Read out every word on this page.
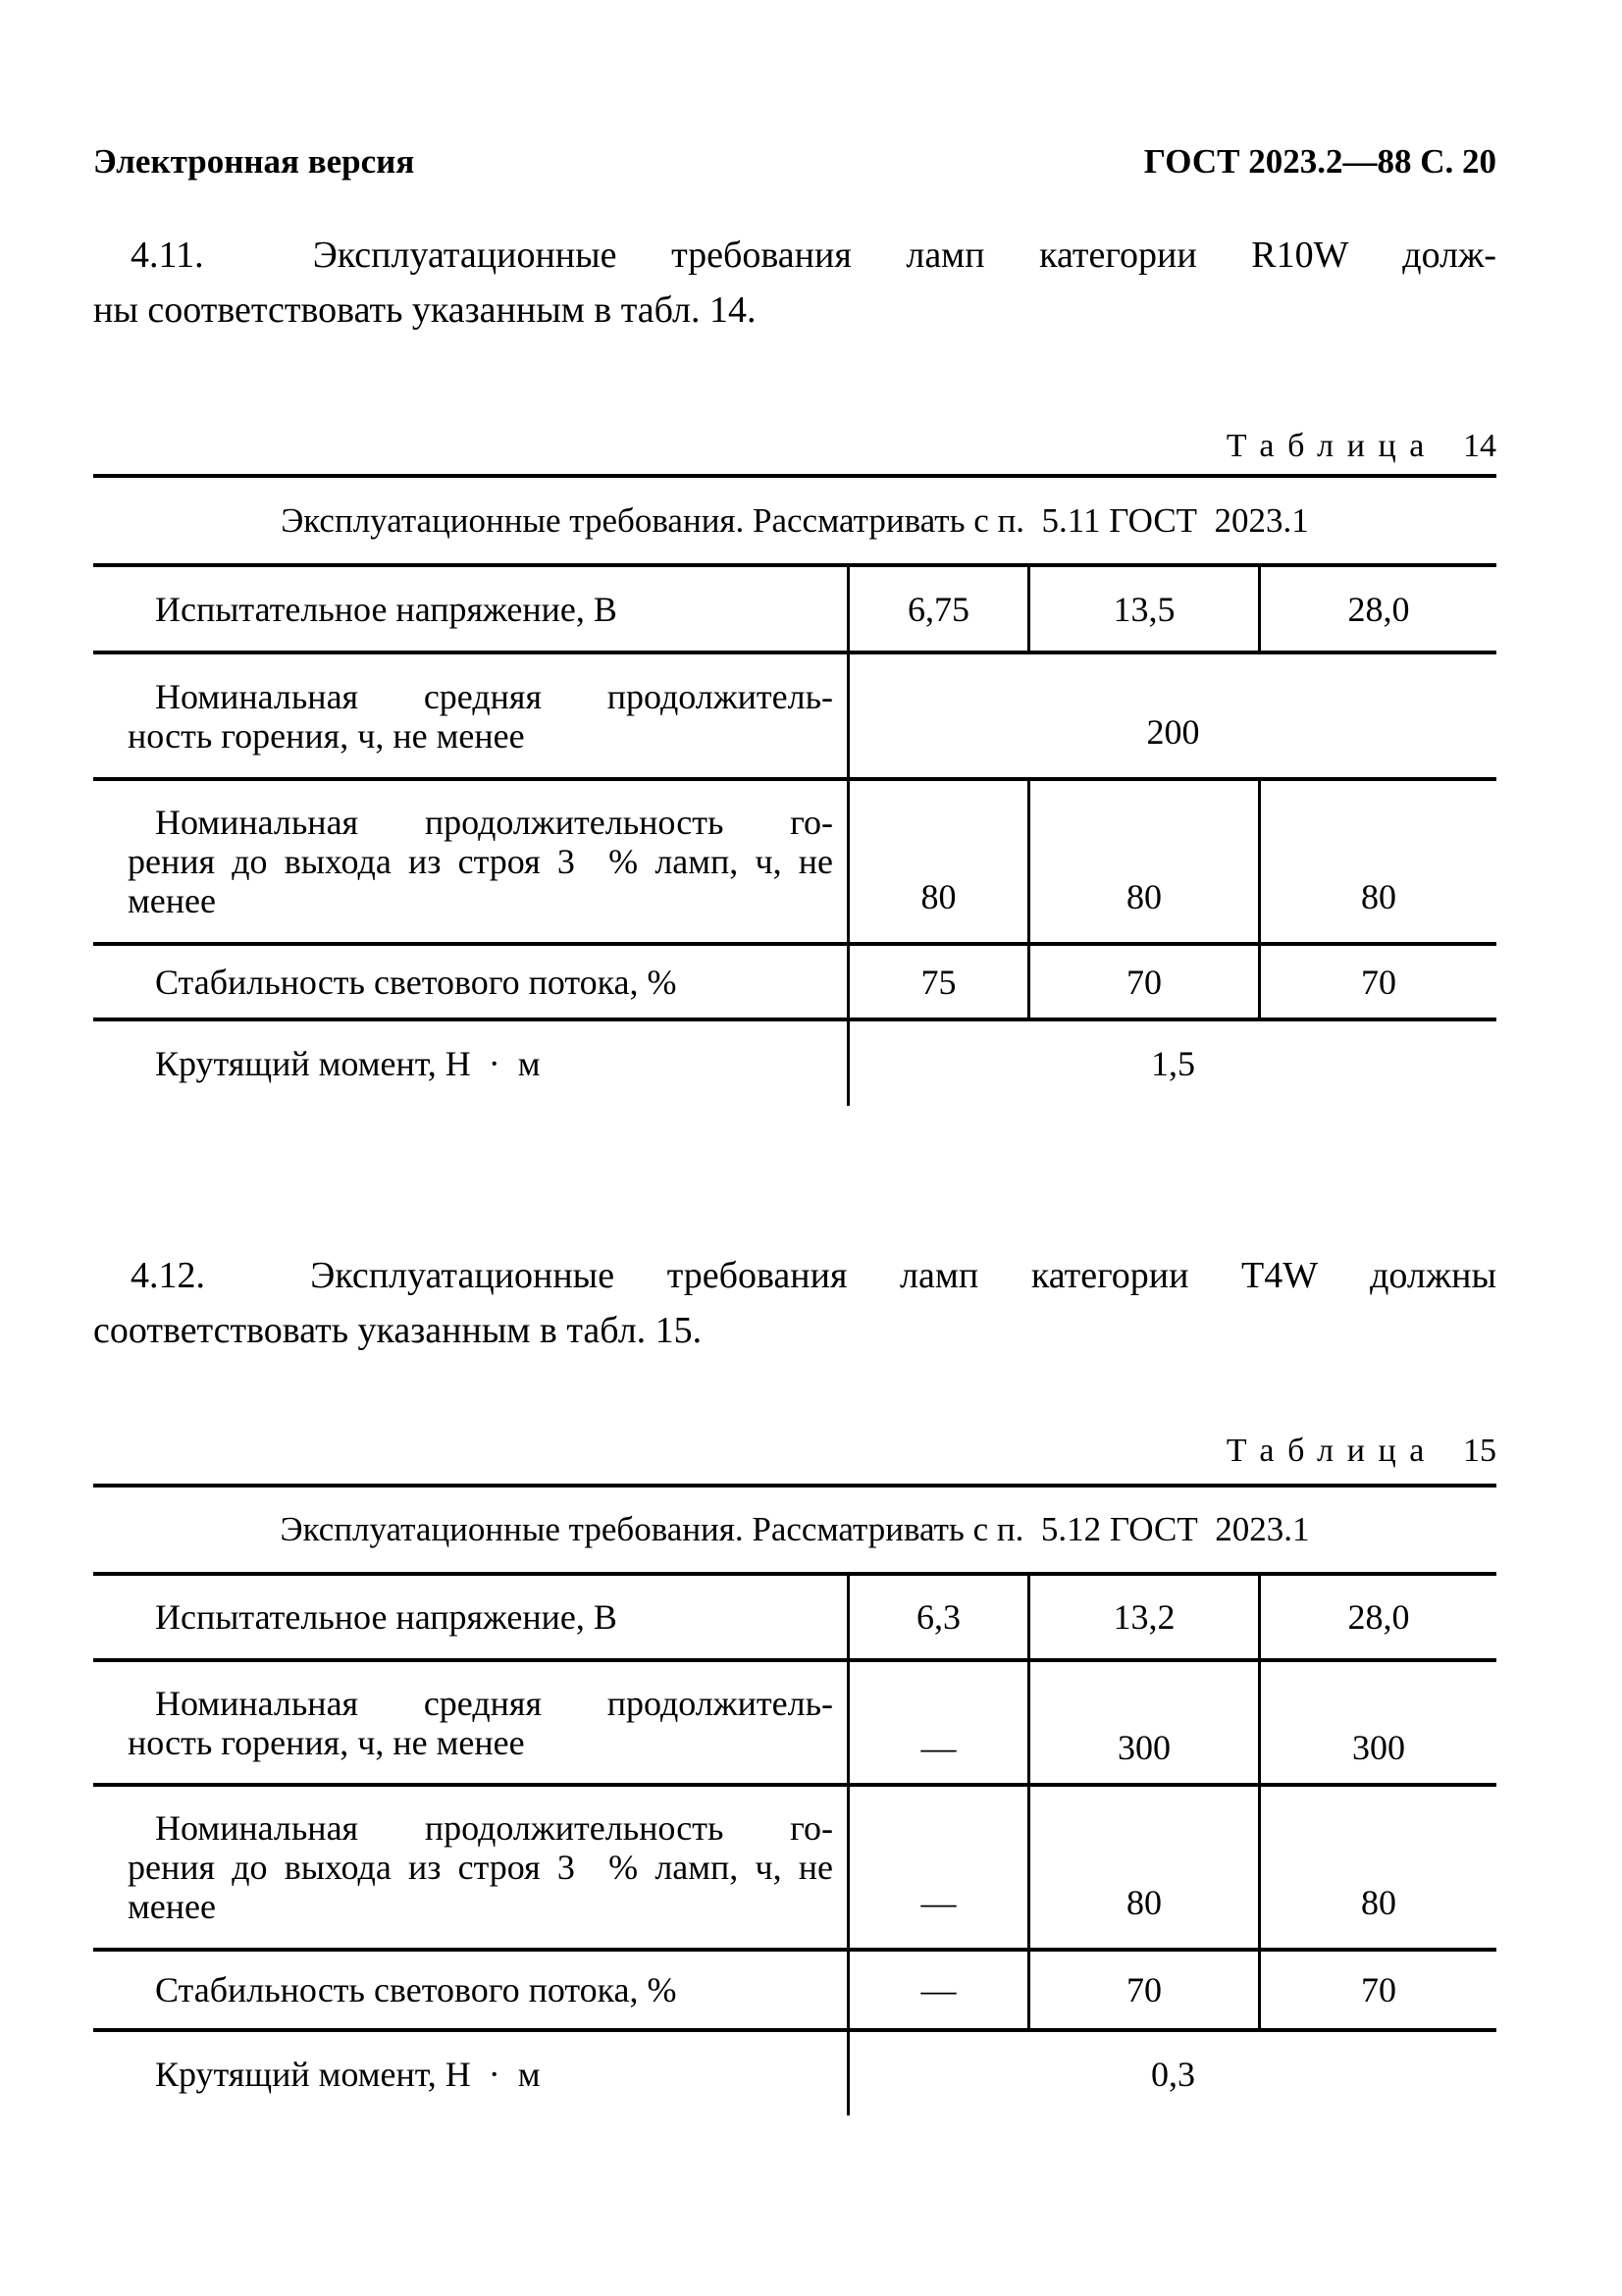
Электронная версия	ГОСТ 2023.2—88 С. 20
4.11.  Эксплуатационные требования ламп категории R10W долж-
ны соответствовать указанным в табл. 14.
Таблица 14
Эксплуатационные требования. Рассматривать с п.  5.11 ГОСТ  2023.1
Испытательное напряжение, В	6,75	13,5	28,0
Номинальная средняя продолжитель-
ность горения, ч, не менее	200
Номинальная продолжительность го-
рения до выхода из строя 3  % ламп, ч, не
менее	80	80	80
Стабильность светового потока, %	75	70	70
Крутящий момент, Н  ·  м	1,5
4.12.  Эксплуатационные требования ламп категории T4W должны
соответствовать указанным в табл. 15.
Таблица 15
Эксплуатационные требования. Рассматривать с п.  5.12 ГОСТ  2023.1
Испытательное напряжение, В	6,3	13,2	28,0
Номинальная средняя продолжитель-
ность горения, ч, не менее	—	300	300
Номинальная продолжительность го-
рения до выхода из строя 3  % ламп, ч, не
менее	—	80	80
Стабильность светового потока, %	—	70	70
Крутящий момент, Н  ·  м	0,3
